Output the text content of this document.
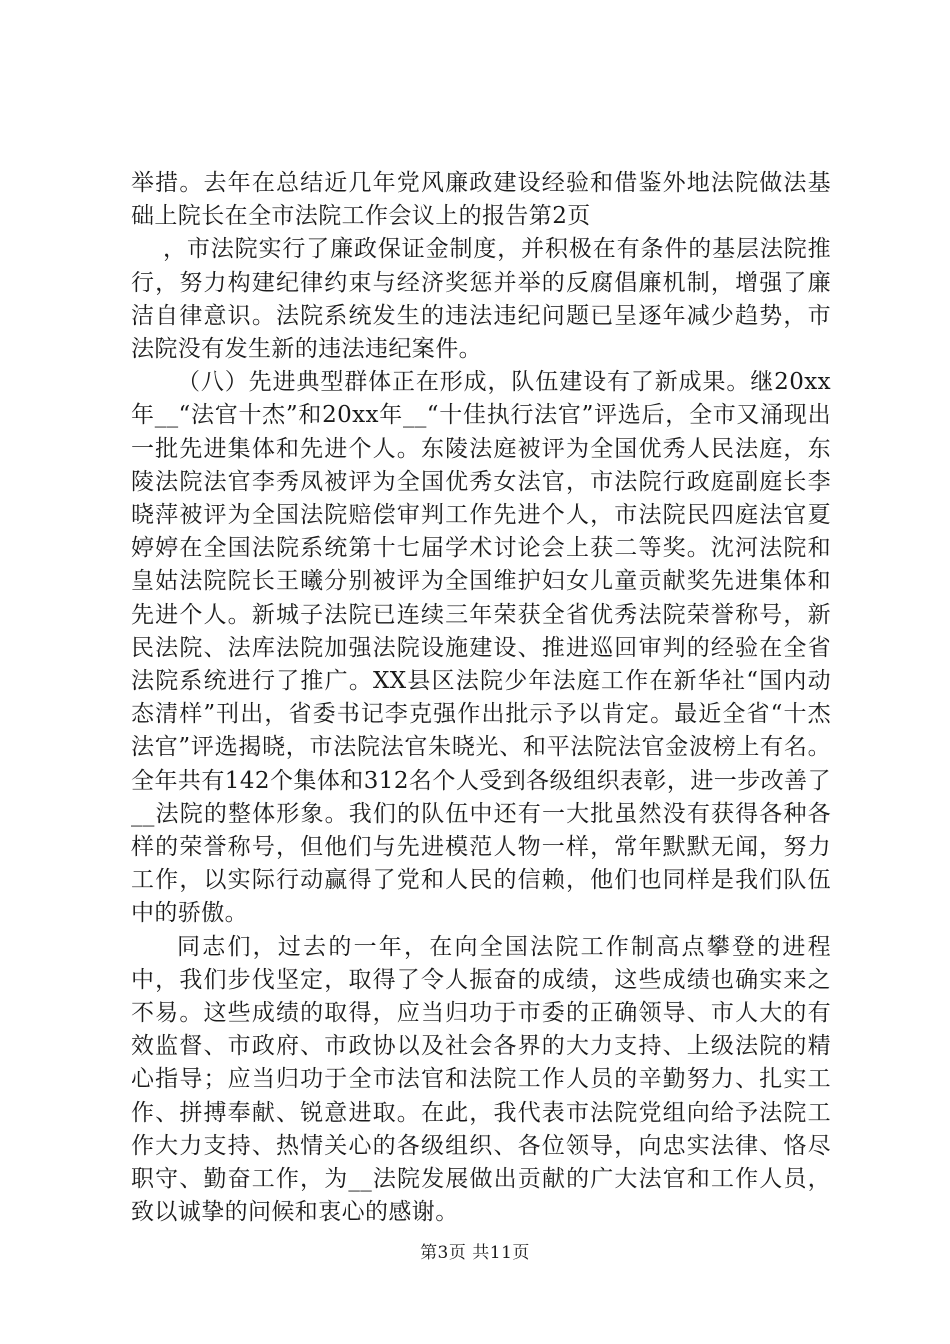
举措。去年在总结近几年党风廉政建设经验和借鉴外地法院做法基础上院长在全市法院工作会议上的报告第2页

，市法院实行了廉政保证金制度，并积极在有条件的基层法院推行，努力构建纪律约束与经济奖惩并举的反腐倡廉机制，增强了廉洁自律意识。法院系统发生的违法违纪问题已呈逐年减少趋势，市法院没有发生新的违法违纪案件。

（八）先进典型群体正在形成，队伍建设有了新成果。继20xx年__“法官十杰”和20xx年__“十佳执行法官”评选后，全市又涌现出一批先进集体和先进个人。东陵法庭被评为全国优秀人民法庭，东陵法院法官李秀凤被评为全国优秀女法官，市法院行政庭副庭长李晓萍被评为全国法院赔偿审判工作先进个人，市法院民四庭法官夏婷婷在全国法院系统第十七届学术讨论会上获二等奖。沈河法院和皇姑法院院长王曦分别被评为全国维护妇女儿童贡献奖先进集体和先进个人。新城子法院已连续三年荣获全省优秀法院荣誉称号，新民法院、法库法院加强法院设施建设、推进巡回审判的经验在全省法院系统进行了推广。XX县区法院少年法庭工作在新华社“国内动态清样”刊出，省委书记李克强作出批示予以肯定。最近全省“十杰法官”评选揭晓，市法院法官朱晓光、和平法院法官金波榜上有名。全年共有142个集体和312名个人受到各级组织表彰，进一步改善了__法院的整体形象。我们的队伍中还有一大批虽然没有获得各种各样的荣誉称号，但他们与先进模范人物一样，常年默默无闻，努力工作，以实际行动赢得了党和人民的信赖，他们也同样是我们队伍中的骄傲。

同志们，过去的一年，在向全国法院工作制高点攀登的进程中，我们步伐坚定，取得了令人振奋的成绩，这些成绩也确实来之不易。这些成绩的取得，应当归功于市委的正确领导、市人大的有效监督、市政府、市政协以及社会各界的大力支持、上级法院的精心指导；应当归功于全市法官和法院工作人员的辛勤努力、扎实工作、拼搏奉献、锐意进取。在此，我代表市法院党组向给予法院工作大力支持、热情关心的各级组织、各位领导，向忠实法律、恪尽职守、勤奋工作，为__法院发展做出贡献的广大法官和工作人员，致以诚挚的问候和衷心的感谢。

第3页 共11页
